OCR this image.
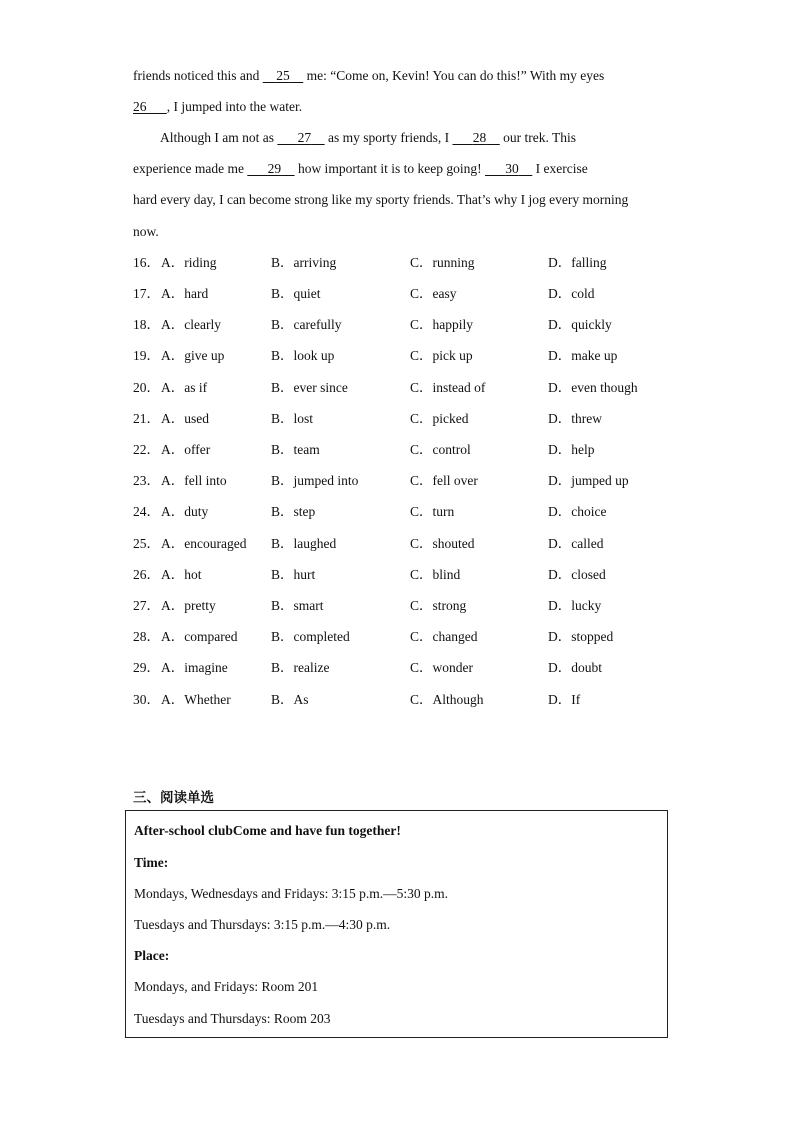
friends noticed this and   25   me: “Come on, Kevin! You can do this!” With my eyes
26    , I jumped into the water.
Although I am not as    27   as my sporty friends, I    28   our trek. This
experience made me    29   how important it is to keep going!    30   I exercise
hard every day, I can become strong like my sporty friends. That’s why I jog every morning
now.
16． A．riding	B．arriving	C．running	D．falling
17． A．hard	B．quiet	C．easy	D．cold
18． A．clearly	B．carefully	C．happily	D．quickly
19． A．give up	B．look up	C．pick up	D．make up
20． A．as if	B．ever since	C．instead of	D．even though
21． A．used	B．lost	C．picked	D．threw
22． A．offer	B．team	C．control	D．help
23． A．fell into	B．jumped into	C．fell over	D．jumped up
24． A．duty	B．step	C．turn	D．choice
25． A．encouraged B．laughed	C．shouted	D．called
26． A．hot	B．hurt	C．blind	D．closed
27． A．pretty	B．smart	C．strong	D．lucky
28． A．compared B．completed	C．changed	D．stopped
29． A．imagine	B．realize	C．wonder	D．doubt
30． A．Whether	B．As	C．Although	D．If
三、阅读单选
After-school clubCome and have fun together!
Time:
Mondays, Wednesdays and Fridays: 3:15 p.m.—5:30 p.m.
Tuesdays and Thursdays: 3:15 p.m.—4:30 p.m.
Place:
Mondays, and Fridays: Room 201
Tuesdays and Thursdays: Room 203
